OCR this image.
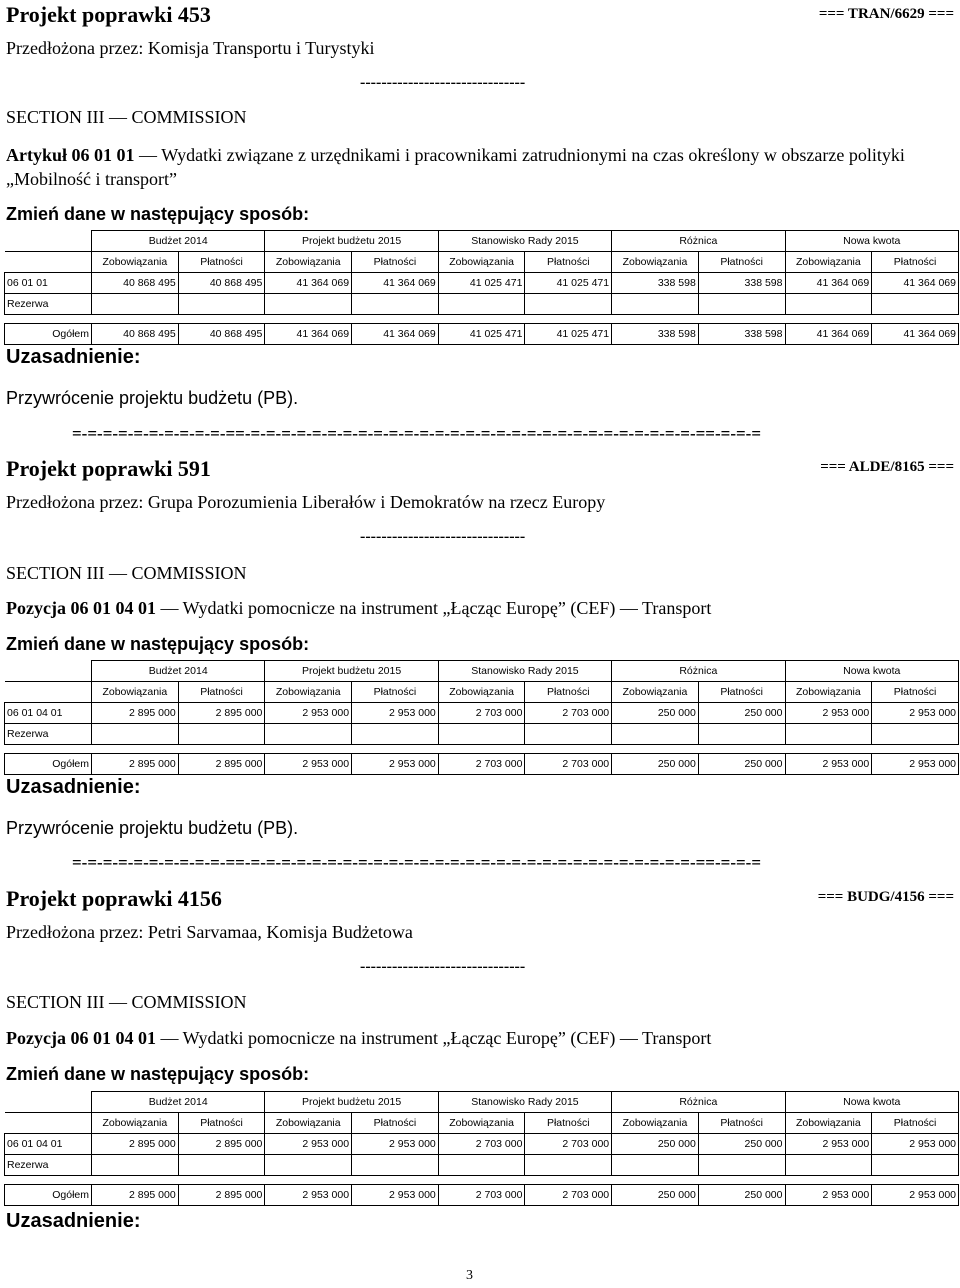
Projekt poprawki 453	=== TRAN/6629 ===
Przedłożona przez: Komisja Transportu i Turystyki
-------------------------------
SECTION III — COMMISSION
Artykuł 06 01 01 — Wydatki związane z urzędnikami i pracownikami zatrudnionymi na czas określony w obszarze polityki „Mobilność i transport”
Zmień dane w następujący sposób:
	Budżet 2014		Projekt budżetu 2015		Stanowisko Rady 2015		Różnica		Nowa kwota	
	Zobowiązania	Płatności	Zobowiązania	Płatności	Zobowiązania	Płatności	Zobowiązania	Płatności	Zobowiązania	Płatności
06 01 01	40 868 495	40 868 495	41 364 069	41 364 069	41 025 471	41 025 471	338 598	338 598	41 364 069	41 364 069
Rezerwa										

Ogółem	40 868 495	40 868 495	41 364 069	41 364 069	41 025 471	41 025 471	338 598	338 598	41 364 069	41 364 069
Uzasadnienie:
Przywrócenie projektu budżetu (PB).
=-=-=-=-=-=-=-=-=-=-==-=-=-=-=-=-=-=-=-=-=-=-=-=-=-=-=-=-=-=-=-=-=-=-=-=-=-=-=-=-==-=-=-=
Projekt poprawki 591	=== ALDE/8165 ===
Przedłożona przez: Grupa Porozumienia Liberałów i Demokratów na rzecz Europy
-------------------------------
SECTION III — COMMISSION
Pozycja 06 01 04 01 — Wydatki pomocnicze na instrument „Łącząc Europę” (CEF) — Transport
Zmień dane w następujący sposób:
	Budżet 2014		Projekt budżetu 2015		Stanowisko Rady 2015		Różnica		Nowa kwota	
	Zobowiązania	Płatności	Zobowiązania	Płatności	Zobowiązania	Płatności	Zobowiązania	Płatności	Zobowiązania	Płatności
06 01 04 01	2 895 000	2 895 000	2 953 000	2 953 000	2 703 000	2 703 000	250 000	250 000	2 953 000	2 953 000
Rezerwa										

Ogółem	2 895 000	2 895 000	2 953 000	2 953 000	2 703 000	2 703 000	250 000	250 000	2 953 000	2 953 000
Uzasadnienie:
Przywrócenie projektu budżetu (PB).
=-=-=-=-=-=-=-=-=-=-==-=-=-=-=-=-=-=-=-=-=-=-=-=-=-=-=-=-=-=-=-=-=-=-=-=-=-=-=-=-==-=-=-=
Projekt poprawki 4156	=== BUDG/4156 ===
Przedłożona przez: Petri Sarvamaa, Komisja Budżetowa
-------------------------------
SECTION III — COMMISSION
Pozycja 06 01 04 01 — Wydatki pomocnicze na instrument „Łącząc Europę” (CEF) — Transport
Zmień dane w następujący sposób:
	Budżet 2014		Projekt budżetu 2015		Stanowisko Rady 2015		Różnica		Nowa kwota	
	Zobowiązania	Płatności	Zobowiązania	Płatności	Zobowiązania	Płatności	Zobowiązania	Płatności	Zobowiązania	Płatności
06 01 04 01	2 895 000	2 895 000	2 953 000	2 953 000	2 703 000	2 703 000	250 000	250 000	2 953 000	2 953 000
Rezerwa										

Ogółem	2 895 000	2 895 000	2 953 000	2 953 000	2 703 000	2 703 000	250 000	250 000	2 953 000	2 953 000
Uzasadnienie:
3
